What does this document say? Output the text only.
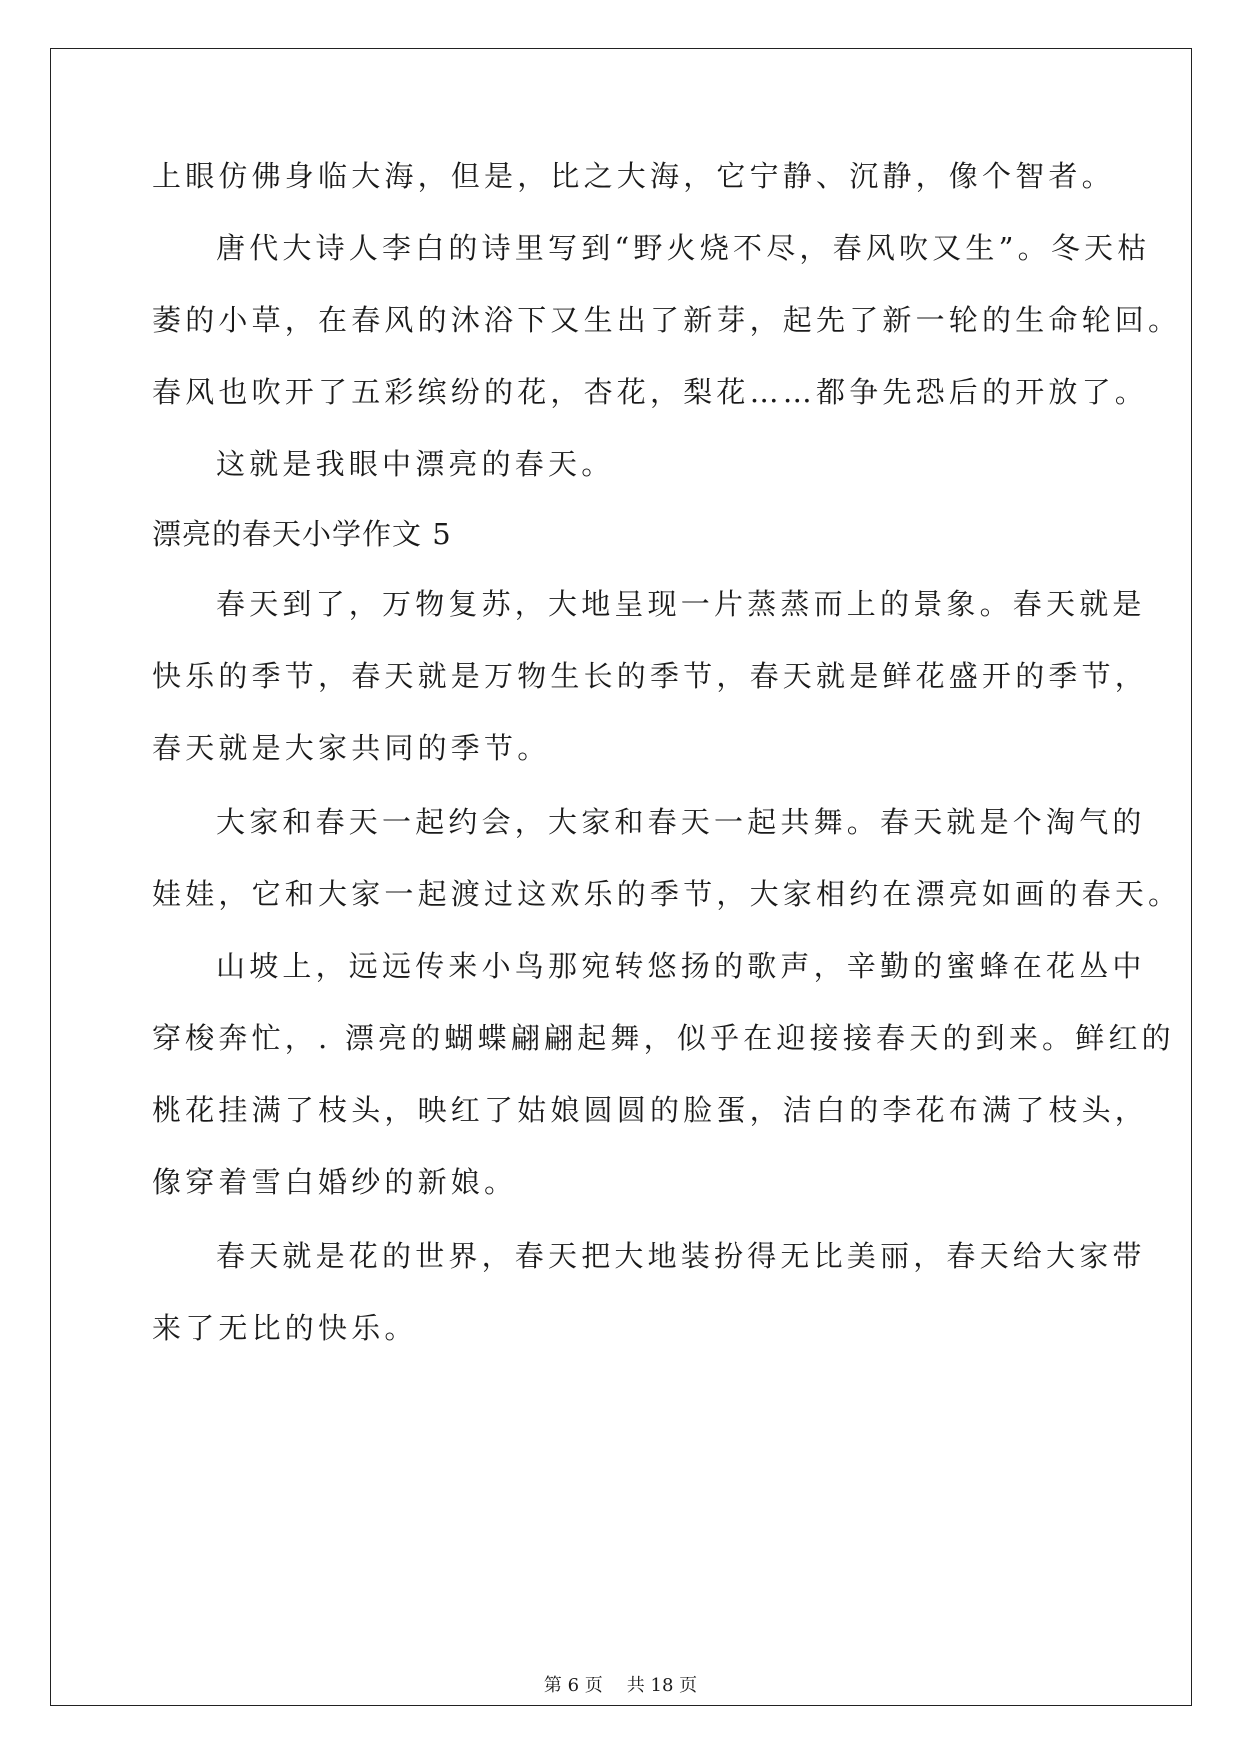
上眼仿佛身临大海，但是，比之大海，它宁静、沉静，像个智者。
唐代大诗人李白的诗里写到“野火烧不尽，春风吹又生”。冬天枯
萎的小草，在春风的沐浴下又生出了新芽，起先了新一轮的生命轮回。
春风也吹开了五彩缤纷的花，杏花，梨花……都争先恐后的开放了。
这就是我眼中漂亮的春天。
漂亮的春天小学作文 5
春天到了，万物复苏，大地呈现一片蒸蒸而上的景象。春天就是
快乐的季节，春天就是万物生长的季节，春天就是鲜花盛开的季节，
春天就是大家共同的季节。
大家和春天一起约会，大家和春天一起共舞。春天就是个淘气的
娃娃，它和大家一起渡过这欢乐的季节，大家相约在漂亮如画的春天。
山坡上，远远传来小鸟那宛转悠扬的歌声，辛勤的蜜蜂在花丛中
穿梭奔忙，. 漂亮的蝴蝶翩翩起舞，似乎在迎接接春天的到来。鲜红的
桃花挂满了枝头，映红了姑娘圆圆的脸蛋，洁白的李花布满了枝头，
像穿着雪白婚纱的新娘。
春天就是花的世界，春天把大地装扮得无比美丽，春天给大家带
来了无比的快乐。
第 6 页 共 18 页
